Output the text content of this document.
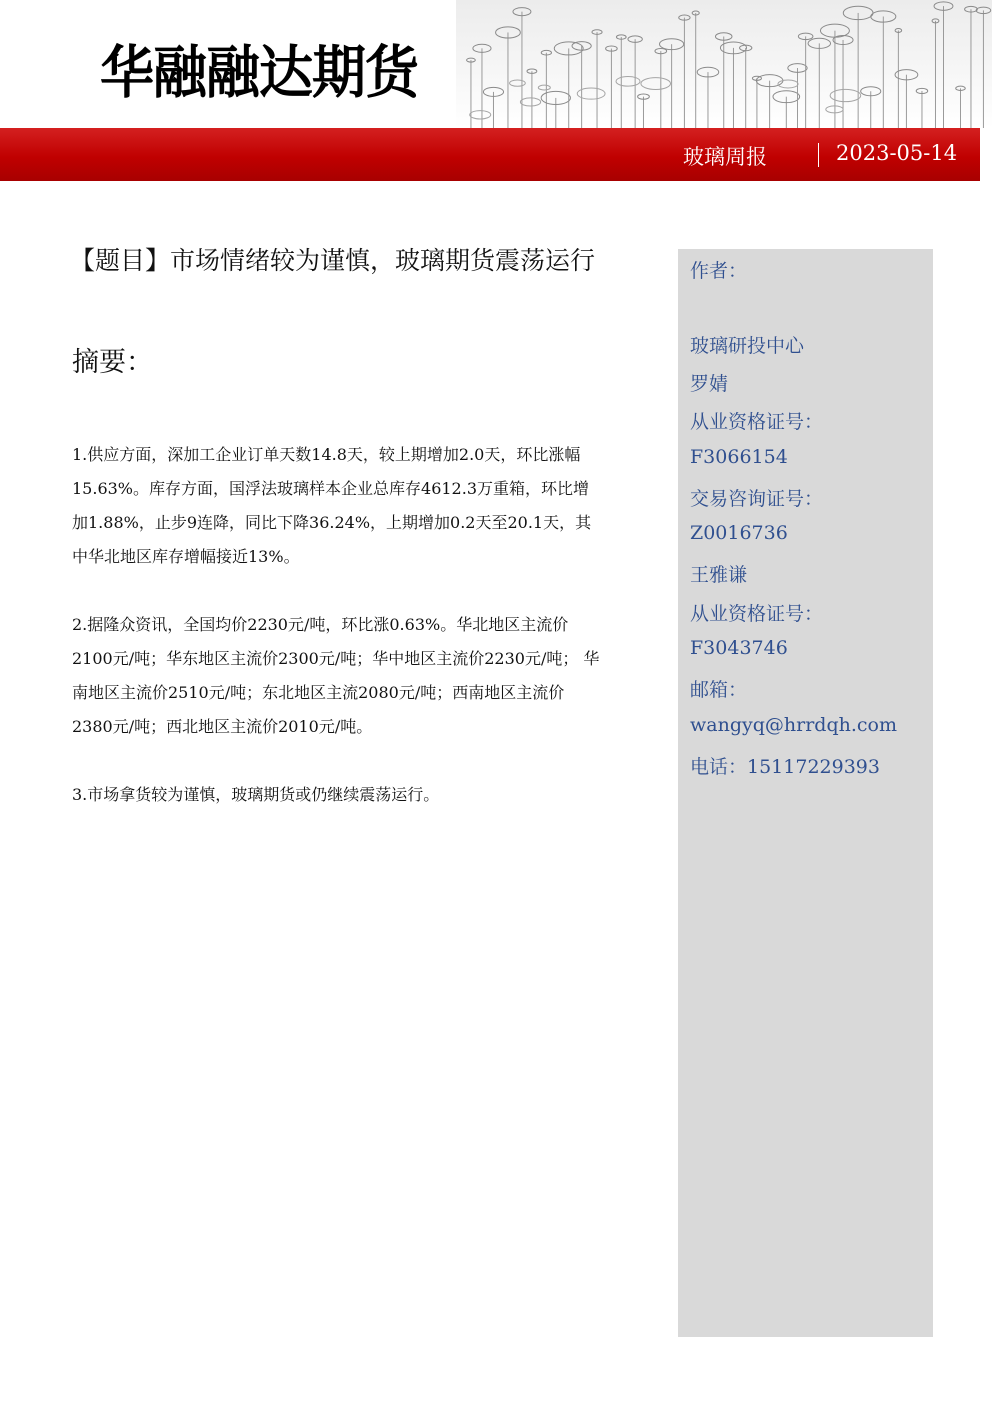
华融融达期货
玻璃周报	2023-05-14
【题目】市场情绪较为谨慎，玻璃期货震荡运行
摘要：

1.供应方面，深加工企业订单天数14.8天，较上期增加2.0天，环比涨幅15.63%。库存方面，国浮法玻璃样本企业总库存4612.3万重箱，环比增加1.88%，止步9连降，同比下降36.24%，上期增加0.2天至20.1天，其中华北地区库存增幅接近13%。

2.据隆众资讯，全国均价2230元/吨，环比涨0.63%。华北地区主流价2100元/吨；华东地区主流价2300元/吨；华中地区主流价2230元/吨； 华南地区主流价2510元/吨；东北地区主流2080元/吨；西南地区主流价2380元/吨；西北地区主流价2010元/吨。

3.市场拿货较为谨慎，玻璃期货或仍继续震荡运行。

作者：
玻璃研投中心
罗婧
从业资格证号：
F3066154
交易咨询证号：
Z0016736
王雅谦
从业资格证号：
F3043746
邮箱：
wangyq@hrrdqh.com
电话：15117229393
